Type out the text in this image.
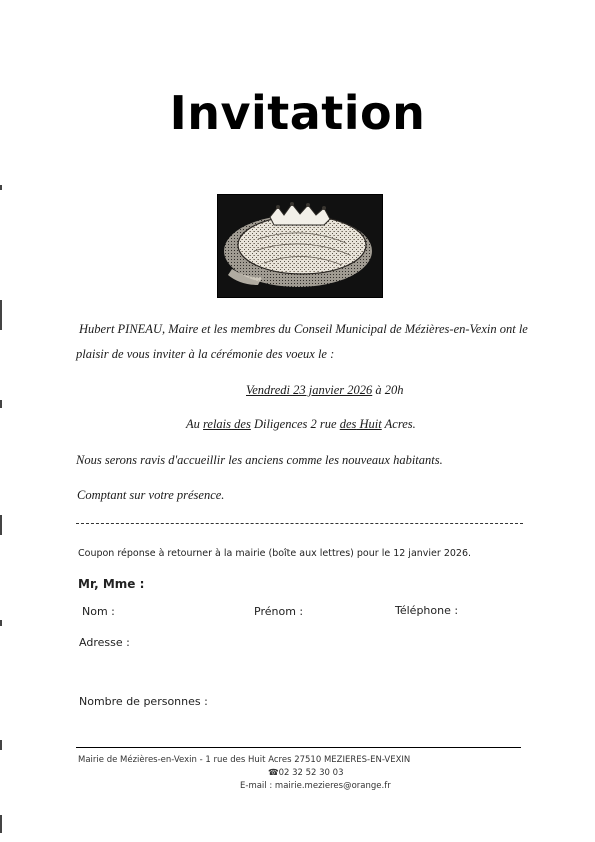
Invitation
Hubert PINEAU, Maire et les membres du Conseil Municipal de Mézières-en-Vexin ont le
plaisir de vous inviter à la cérémonie des voeux le :
Vendredi 23 janvier 2026 à 20h
Au relais des Diligences 2 rue des Huit Acres.
Nous serons ravis d'accueillir les anciens comme les nouveaux habitants.
Comptant sur votre présence.
Coupon réponse à retourner à la mairie (boîte aux lettres) pour le 12 janvier 2026.
Mr, Mme :
Nom :	Prénom :	Téléphone :
Adresse :
Nombre de personnes :
Mairie de Mézières-en-Vexin - 1 rue des Huit Acres 27510 MEZIERES-EN-VEXIN
☎02 32 52 30 03
E-mail : mairie.mezieres@orange.fr
